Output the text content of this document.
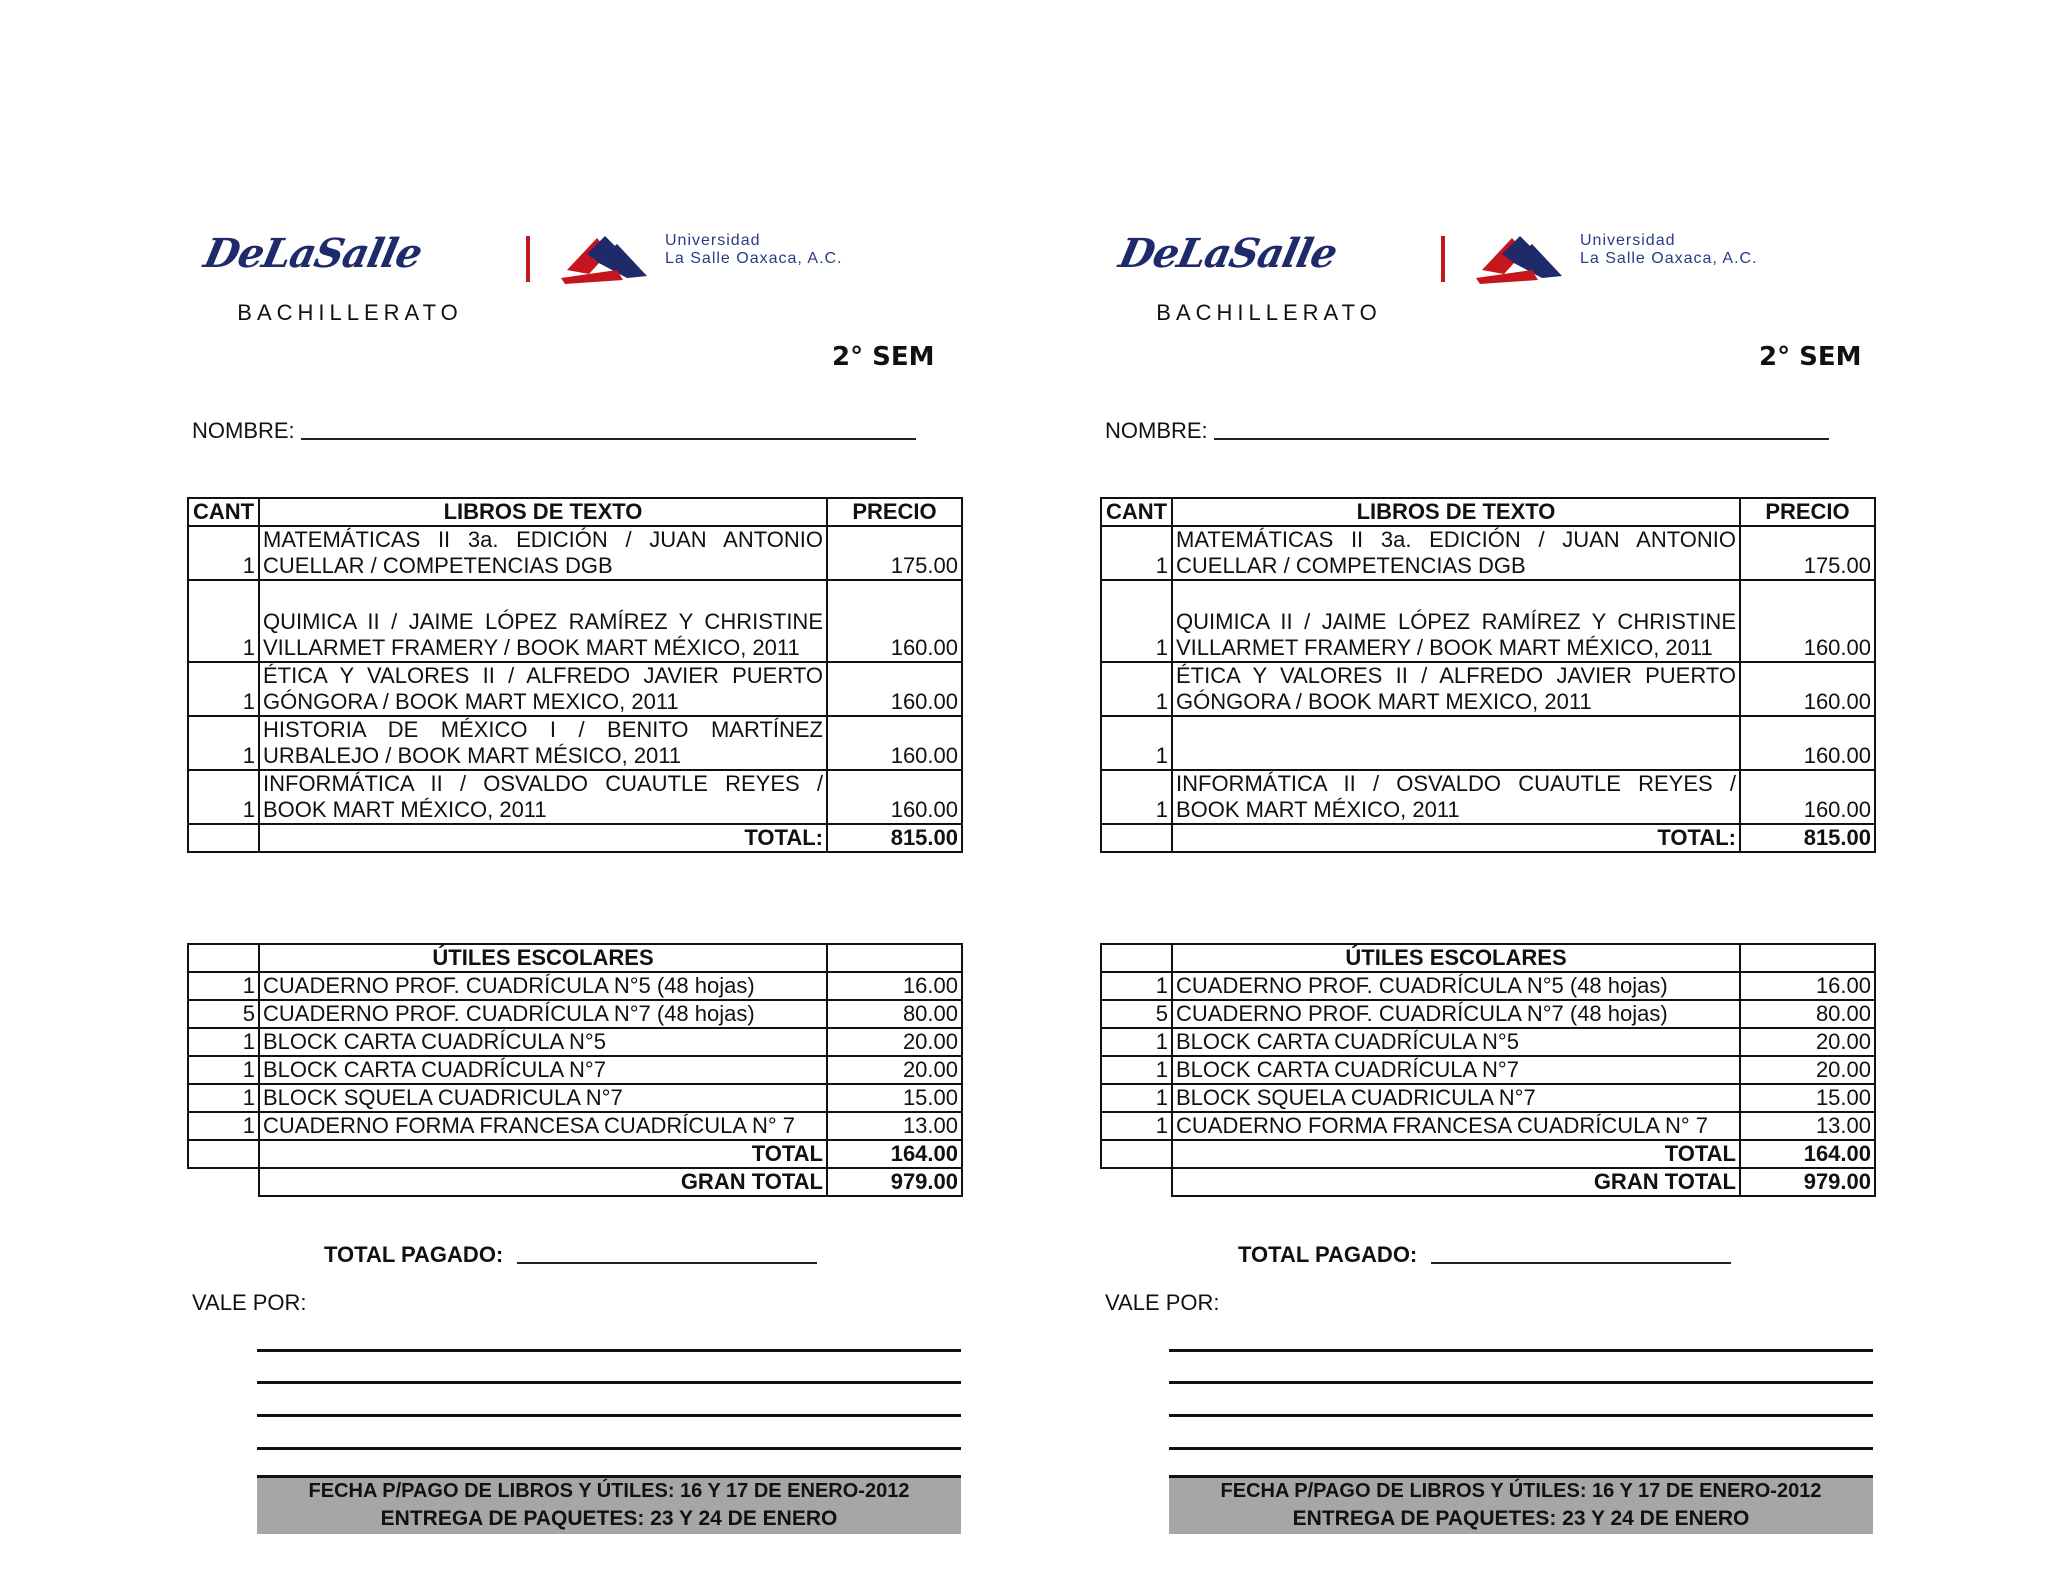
DeLaSalle	Universidad
La Salle Oaxaca, A.C.
BACHILLERATO
2° SEM
NOMBRE:
CANT	LIBROS DE TEXTO	PRECIO
1	MATEMÁTICAS II 3a. EDICIÓN / JUAN ANTONIO CUELLAR / COMPETENCIAS DGB	175.00
1	QUIMICA II / JAIME LÓPEZ RAMÍREZ Y CHRISTINE VILLARMET FRAMERY / BOOK MART MÉXICO, 2011	160.00
1	ÉTICA Y VALORES II / ALFREDO JAVIER PUERTO GÓNGORA / BOOK MART MEXICO, 2011	160.00
1	HISTORIA DE MÉXICO I / BENITO MARTÍNEZ URBALEJO / BOOK MART MÉSICO, 2011	160.00
1	INFORMÁTICA II / OSVALDO CUAUTLE REYES / BOOK MART MÉXICO, 2011	160.00
	TOTAL:	815.00
	ÚTILES ESCOLARES	
1	CUADERNO PROF. CUADRÍCULA N°5 (48 hojas)	16.00
5	CUADERNO PROF. CUADRÍCULA N°7 (48 hojas)	80.00
1	BLOCK CARTA CUADRÍCULA N°5	20.00
1	BLOCK CARTA CUADRÍCULA N°7	20.00
1	BLOCK SQUELA CUADRICULA N°7	15.00
1	CUADERNO FORMA FRANCESA CUADRÍCULA N° 7	13.00
	TOTAL	164.00
	GRAN TOTAL	979.00
TOTAL PAGADO:
VALE POR:
FECHA P/PAGO DE LIBROS Y ÚTILES: 16 Y 17 DE ENERO-2012
ENTREGA DE PAQUETES: 23 Y 24 DE ENERO
DeLaSalle	Universidad
La Salle Oaxaca, A.C.
BACHILLERATO
2° SEM
NOMBRE:
CANT	LIBROS DE TEXTO	PRECIO
1	MATEMÁTICAS II 3a. EDICIÓN / JUAN ANTONIO CUELLAR / COMPETENCIAS DGB	175.00
1	QUIMICA II / JAIME LÓPEZ RAMÍREZ Y CHRISTINE VILLARMET FRAMERY / BOOK MART MÉXICO, 2011	160.00
1	ÉTICA Y VALORES II / ALFREDO JAVIER PUERTO GÓNGORA / BOOK MART MEXICO, 2011	160.00
1		160.00
1	INFORMÁTICA II / OSVALDO CUAUTLE REYES / BOOK MART MÉXICO, 2011	160.00
	TOTAL:	815.00
	ÚTILES ESCOLARES	
1	CUADERNO PROF. CUADRÍCULA N°5 (48 hojas)	16.00
5	CUADERNO PROF. CUADRÍCULA N°7 (48 hojas)	80.00
1	BLOCK CARTA CUADRÍCULA N°5	20.00
1	BLOCK CARTA CUADRÍCULA N°7	20.00
1	BLOCK SQUELA CUADRICULA N°7	15.00
1	CUADERNO FORMA FRANCESA CUADRÍCULA N° 7	13.00
	TOTAL	164.00
	GRAN TOTAL	979.00
TOTAL PAGADO:
VALE POR:
FECHA P/PAGO DE LIBROS Y ÚTILES: 16 Y 17 DE ENERO-2012
ENTREGA DE PAQUETES: 23 Y 24 DE ENERO
